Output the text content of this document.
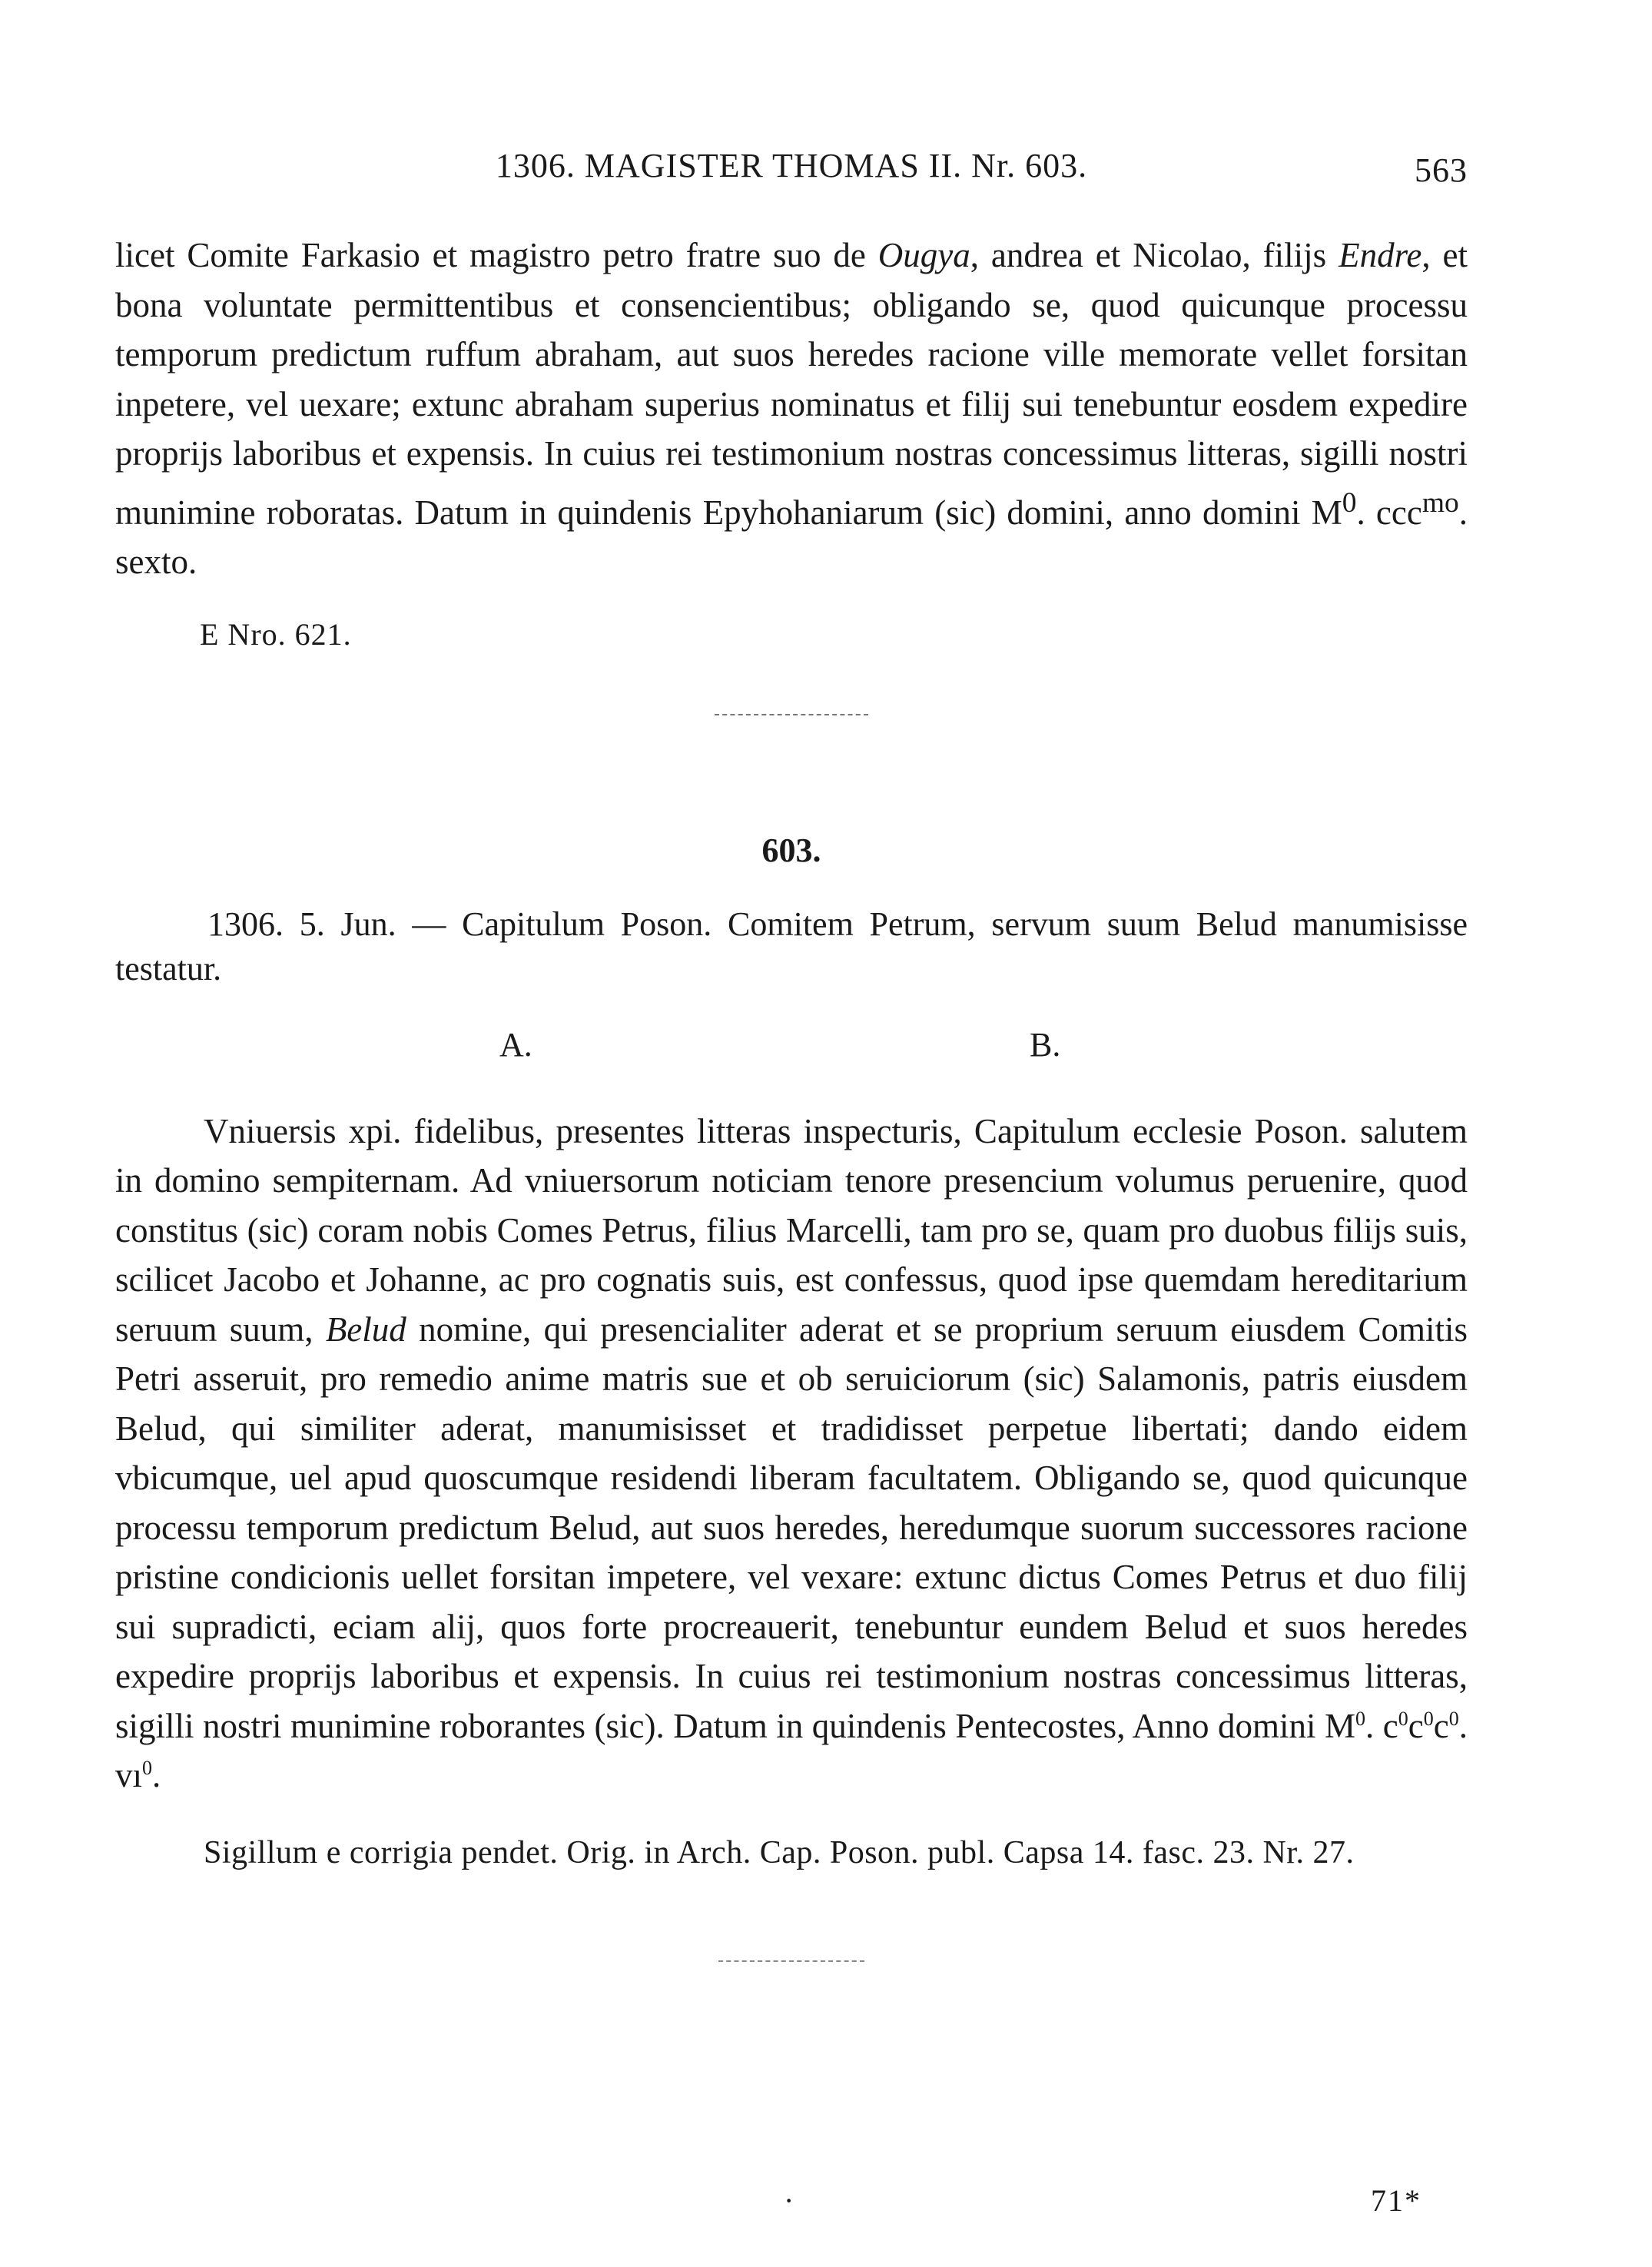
1306. MAGISTER THOMAS II. Nr. 603.	563

licet Comite Farkasio et magistro petro fratre suo de Ougya, andrea et Nicolao, filijs Endre, et bona voluntate permittentibus et consencientibus; obligando se, quod quicunque processu temporum predictum ruffum abraham, aut suos heredes racione ville memorate vellet forsitan inpetere, vel uexare; extunc abraham superius nominatus et filij sui tenebuntur eosdem expedire proprijs laboribus et expensis. In cuius rei testimonium nostras concessimus litteras, sigilli nostri munimine roboratas. Datum in quindenis Epyhohaniarum (sic) domini, anno domini $M^0$. ccc$^{mo}$. sexto.

E Nro. 621.
603.

1306. 5. Jun. — Capitulum Poson. Comitem Petrum, servum suum Belud manumisisse testatur.

A.	B.

Vniuersis xpi. fidelibus, presentes litteras inspecturis, Capitulum ecclesie Poson. salutem in domino sempiternam. Ad vniuersorum noticiam tenore presencium volumus peruenire, quod constitus (sic) coram nobis Comes Petrus, filius Marcelli, tam pro se, quam pro duobus filijs suis, scilicet Jacobo et Johanne, ac pro cognatis suis, est confessus, quod ipse quemdam hereditarium seruum suum, Belud nomine, qui presencialiter aderat et se proprium seruum eiusdem Comitis Petri asseruit, pro remedio anime matris sue et ob seruiciorum (sic) Salamonis, patris eiusdem Belud, qui similiter aderat, manumisisset et tradidisset perpetue libertati; dando eidem vbicumque, uel apud quoscumque residendi liberam facultatem. Obligando se, quod quicunque processu temporum predictum Belud, aut suos heredes, heredumque suorum successores racione pristine condicionis uellet forsitan impetere, vel vexare: extunc dictus Comes Petrus et duo filij sui supradicti, eciam alij, quos forte procreauerit, tenebuntur eundem Belud et suos heredes expedire proprijs laboribus et expensis. In cuius rei testimonium nostras concessimus litteras, sigilli nostri munimine roborantes (sic). Datum in quindenis Pentecostes, Anno domini $M^0$. $c^0c^0c^0$. $vı^0$.

Sigillum e corrigia pendet. Orig. in Arch. Cap. Poson. publ. Capsa 14. fasc. 23. Nr. 27.

·	71*
